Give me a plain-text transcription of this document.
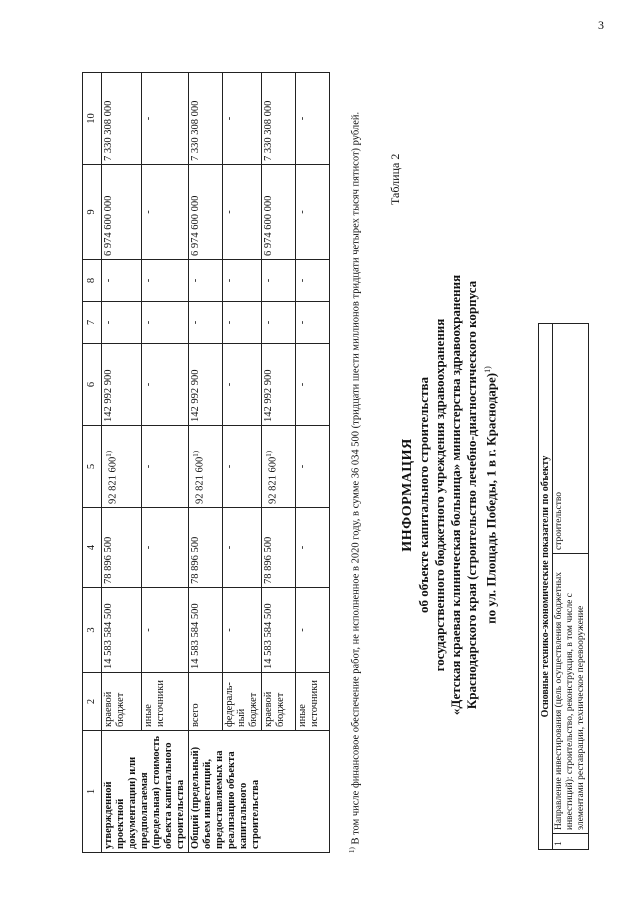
3
1	2	3	4	5	6	7	8	9	10
утвержденной проектной документации) или предполагаемая (предельная) стоимость объекта капитального строительства	краевой бюджет	14 583 584 500	78 896 500	92 821 600$^{1)}$	142 992 900	-	-	6 974 600 000	7 330 308 000
	иные источники	-	-	-	-	-	-	-	-
Общий (предельный) объем инвестиций, предоставляемых на реализацию объекта капитального строительства	всего	14 583 584 500	78 896 500	92 821 600$^{1)}$	142 992 900	-	-	6 974 600 000	7 330 308 000
	федераль-ный бюджет	-	-	-	-	-	-	-	-
	краевой бюджет	14 583 584 500	78 896 500	92 821 600$^{1)}$	142 992 900	-	-	6 974 600 000	7 330 308 000
	иные источники	-	-	-	-	-	-	-	-
$^{1)}$ В том числе финансовое обеспечение работ, не исполненное в 2020 году, в сумме 36 034 500 (тридцати шести миллионов тридцати четырех тысяч пятисот) рублей. Таблица 2
ИНФОРМАЦИЯ об объекте капитального строительства государственного бюджетного учреждения здравоохранения «Детская краевая клиническая больница» министерства здравоохранения Краснодарского края (строительство лечебно-диагностического корпуса по ул. Площадь Победы, 1 в г. Краснодаре)$^{1)}$
Основные технико-экономические показатели по объекту
1	Направление инвестирования (цель осуществления бюджетных инвестиций): строительство, реконструкция, в том числе с элементами реставрации, техническое перевооружение	строительство
